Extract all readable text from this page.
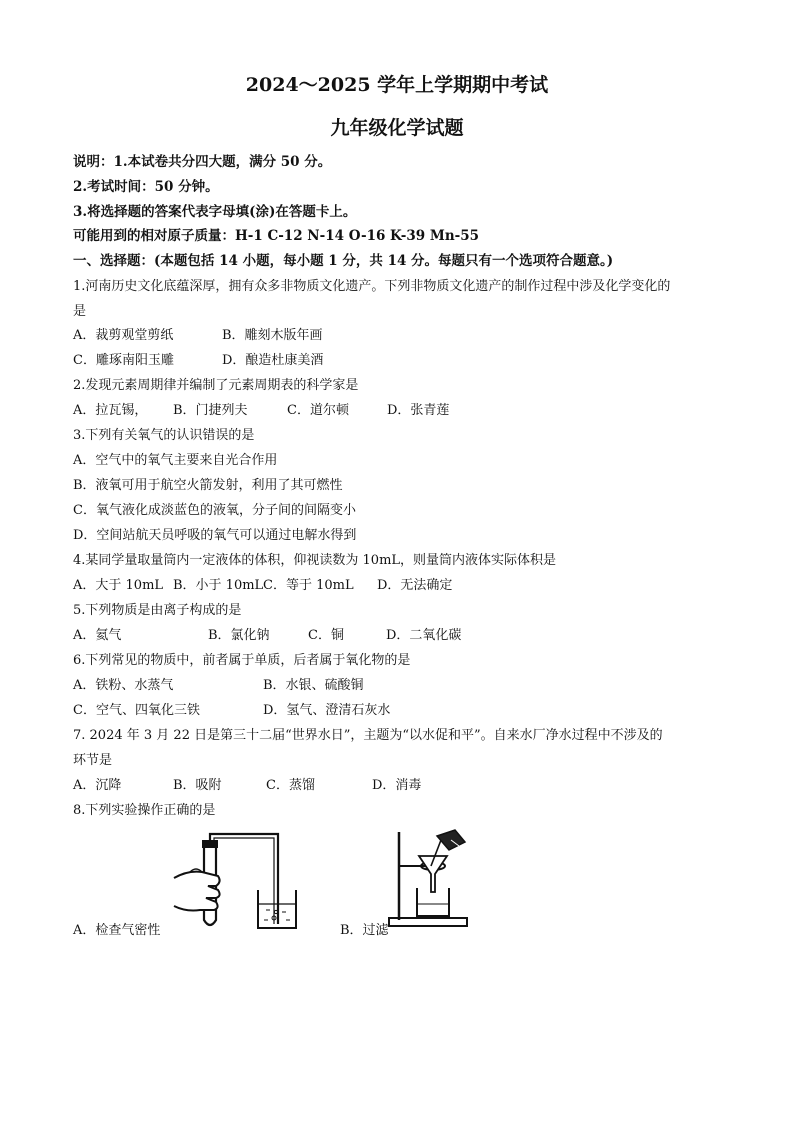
2024～2025 学年上学期期中考试
九年级化学试题
说明：1.本试卷共分四大题，满分 50 分。
2.考试时间：50 分钟。
3.将选择题的答案代表字母填(涂)在答题卡上。
可能用到的相对原子质量：H-1 C-12 N-14 O-16 K-39 Mn-55
一、选择题：(本题包括 14 小题，每小题 1 分，共 14 分。每题只有一个选项符合题意。)
1.河南历史文化底蕴深厚，拥有众多非物质文化遗产。下列非物质文化遗产的制作过程中涉及化学变化的
是
A．裁剪观堂剪纸	B．雕刻木版年画
C．雕琢南阳玉雕	D．酿造杜康美酒
2.发现元素周期律并编制了元素周期表的科学家是
A．拉瓦锡， B．门捷列夫	C．道尔顿	D．张青莲
3.下列有关氧气的认识错误的是
A．空气中的氧气主要来自光合作用
B．液氧可用于航空火箭发射，利用了其可燃性
C．氧气液化成淡蓝色的液氧，分子间的间隔变小
D．空间站航天员呼吸的氧气可以通过电解水得到
4.某同学量取量筒内一定液体的体积，仰视读数为 10mL，则量筒内液体实际体积是
A．大于 10mL B．小于 10mLC．等于 10mL D．无法确定
5.下列物质是由离子构成的是
A．氦气	B．氯化钠	C．铜	D．二氧化碳
6.下列常见的物质中，前者属于单质，后者属于氧化物的是
A．铁粉、水蒸气	B．水银、硫酸铜
C．空气、四氧化三铁	D．氢气、澄清石灰水
7. 2024 年 3 月 22 日是第三十二届“世界水日”，主题为“以水促和平”。自来水厂净水过程中不涉及的
环节是
A．沉降	B．吸附	C．蒸馏	D．消毒
8.下列实验操作正确的是
A．检查气密性	B．过滤
